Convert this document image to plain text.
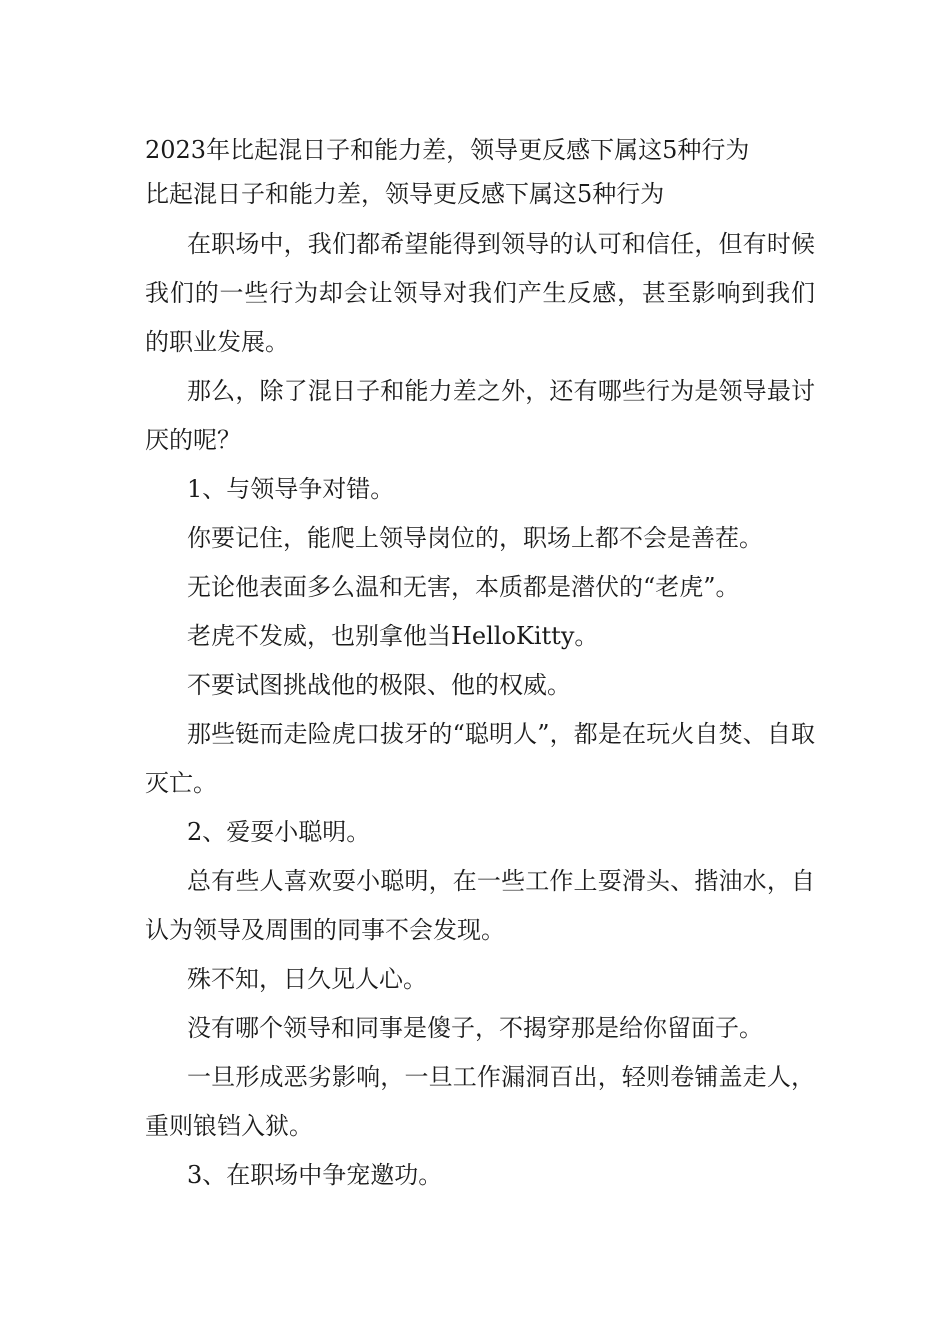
2023年比起混日子和能力差，领导更反感下属这5种行为
比起混日子和能力差，领导更反感下属这5种行为

在职场中，我们都希望能得到领导的认可和信任，但有时候我们的一些行为却会让领导对我们产生反感，甚至影响到我们的职业发展。

那么，除了混日子和能力差之外，还有哪些行为是领导最讨厌的呢？

1、与领导争对错。

你要记住，能爬上领导岗位的，职场上都不会是善茬。

无论他表面多么温和无害，本质都是潜伏的“老虎”。

老虎不发威，也别拿他当HelloKitty。

不要试图挑战他的极限、他的权威。

那些铤而走险虎口拔牙的“聪明人”，都是在玩火自焚、自取灭亡。

2、爱耍小聪明。

总有些人喜欢耍小聪明，在一些工作上耍滑头、揩油水，自认为领导及周围的同事不会发现。

殊不知，日久见人心。

没有哪个领导和同事是傻子，不揭穿那是给你留面子。

一旦形成恶劣影响，一旦工作漏洞百出，轻则卷铺盖走人，重则锒铛入狱。

3、在职场中争宠邀功。
